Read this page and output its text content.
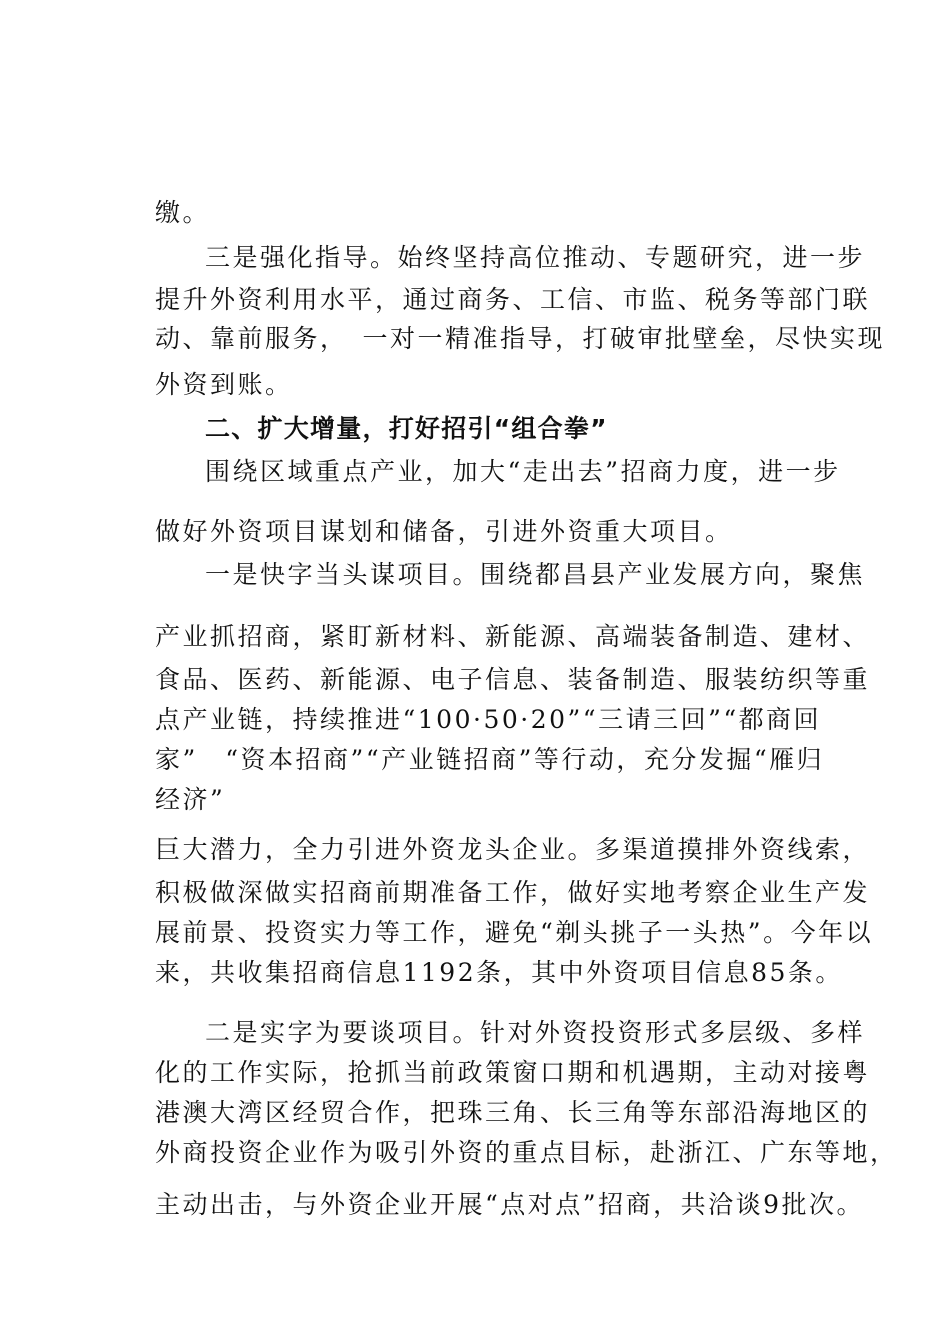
缴。
三是强化指导。始终坚持高位推动、专题研究，进一步
提升外资利用水平，通过商务、工信、市监、税务等部门联
动、靠前服务，　一对一精准指导，打破审批壁垒，尽快实现
外资到账。
二、扩大增量，打好招引“组合拳”
围绕区域重点产业，加大“走出去”招商力度，进一步
做好外资项目谋划和储备，引进外资重大项目。
一是快字当头谋项目。围绕都昌县产业发展方向，聚焦
产业抓招商，紧盯新材料、新能源、高端装备制造、建材、
食品、医药、新能源、电子信息、装备制造、服装纺织等重
点产业链，持续推进“100·50·20”“三请三回”“都商回
家”　“资本招商”“产业链招商”等行动，充分发掘“雁归
经济”
巨大潜力，全力引进外资龙头企业。多渠道摸排外资线索，
积极做深做实招商前期准备工作，做好实地考察企业生产发
展前景、投资实力等工作，避免“剃头挑子一头热”。今年以
来，共收集招商信息1192条，其中外资项目信息85条。
二是实字为要谈项目。针对外资投资形式多层级、多样
化的工作实际，抢抓当前政策窗口期和机遇期，主动对接粤
港澳大湾区经贸合作，把珠三角、长三角等东部沿海地区的
外商投资企业作为吸引外资的重点目标，赴浙江、广东等地，
主动出击，与外资企业开展“点对点”招商，共洽谈9批次。
